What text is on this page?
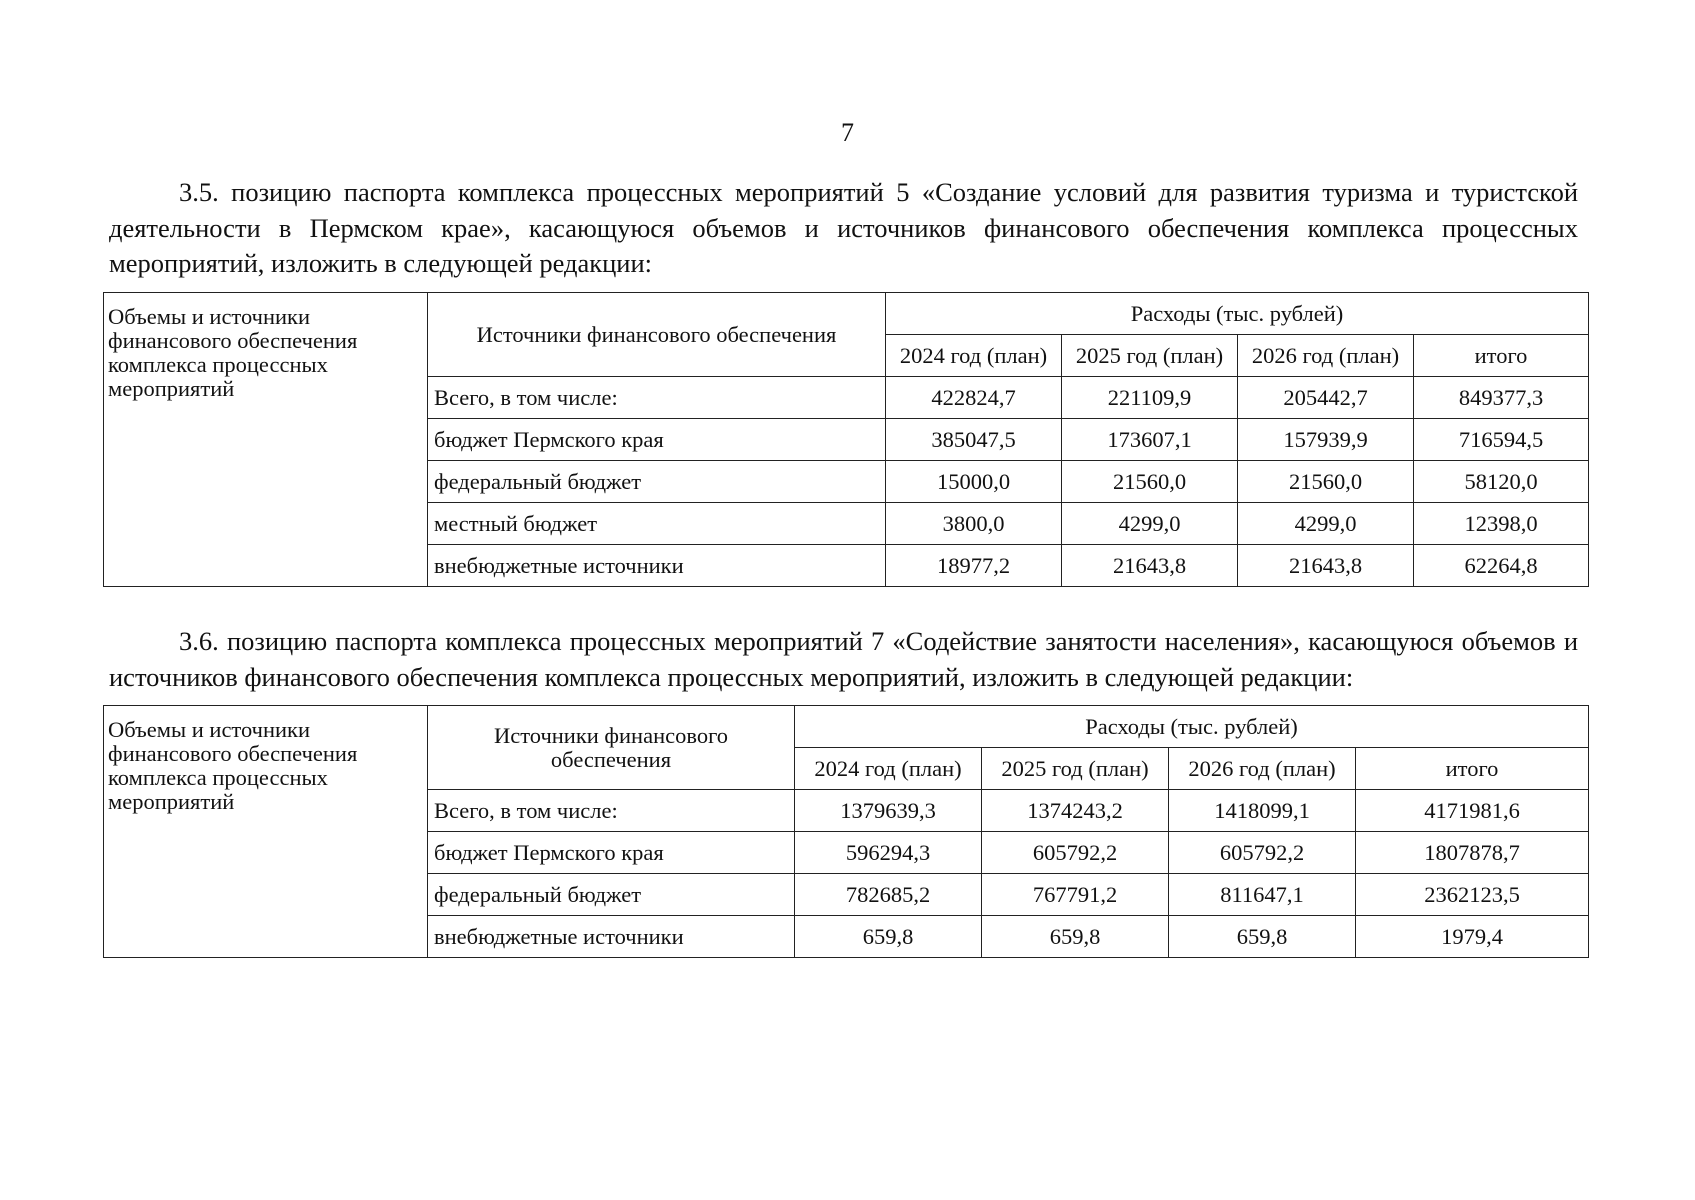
7
3.5. позицию паспорта комплекса процессных мероприятий 5 «Создание условий для развития туризма и туристской деятельности в Пермском крае», касающуюся объемов и источников финансового обеспечения комплекса процессных мероприятий, изложить в следующей редакции:
Объемы и источники финансового обеспечения комплекса процессных мероприятий	Источники финансового обеспечения	Расходы (тыс. рублей)			
		2024 год (план)	2025 год (план)	2026 год (план)	итого
	Всего, в том числе:	422824,7	221109,9	205442,7	849377,3
	бюджет Пермского края	385047,5	173607,1	157939,9	716594,5
	федеральный бюджет	15000,0	21560,0	21560,0	58120,0
	местный бюджет	3800,0	4299,0	4299,0	12398,0
	внебюджетные источники	18977,2	21643,8	21643,8	62264,8
3.6. позицию паспорта комплекса процессных мероприятий 7 «Содействие занятости населения», касающуюся объемов и источников финансового обеспечения комплекса процессных мероприятий, изложить в следующей редакции:
Объемы и источники финансового обеспечения комплекса процессных мероприятий	Источники финансового обеспечения	Расходы (тыс. рублей)			
		2024 год (план)	2025 год (план)	2026 год (план)	итого
	Всего, в том числе:	1379639,3	1374243,2	1418099,1	4171981,6
	бюджет Пермского края	596294,3	605792,2	605792,2	1807878,7
	федеральный бюджет	782685,2	767791,2	811647,1	2362123,5
	внебюджетные источники	659,8	659,8	659,8	1979,4
